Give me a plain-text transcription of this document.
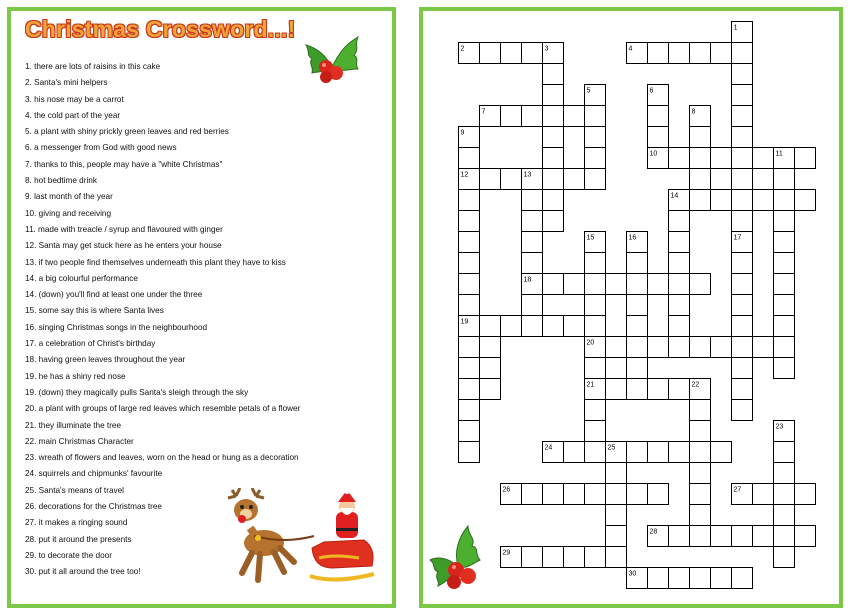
Christmas Crossword...!
1. there are lots of raisins in this cake
2. Santa's mini helpers
3. his nose may be a carrot
4. the cold part of the year
5. a plant with shiny prickly green leaves and red berries
6. a messenger from God with good news
7. thanks to this, people may have a "white Christmas"
8. hot bedtime drink
9. last month of the year
10. giving and receiving
11. made with treacle / syrup and flavoured with ginger
12. Santa may get stuck here as he enters your house
13. if two people find themselves underneath this plant they have to kiss
14. a big colourful performance
14. (down) you'll find at least one under the three
15. some say this is where Santa lives
16. singing Christmas songs in the neighbourhood
17. a celebration of Christ's birthday
18. having green leaves throughout the year
19. he has a shiny red nose
19. (down) they magically pulls Santa's sleigh through the sky
20. a plant with groups of large red leaves which resemble petals of a flower
21. they illuminate the tree
22. main Christmas Character
23. wreath of flowers and leaves, worn on the head or hung as a decoration
24. squirrels and chipmunks' favourite
25. Santa's means of travel
26. decorations for the Christmas tree
27. it makes a ringing sound
28. put it around the presents
29. to decorate the door
30. put it all around the tree too!
1
2	3	4
5	6
7	8
9
10	11
12	13
14
15	16	17
18
19
20
21	22
23
24	25
26	27
28
29
30
